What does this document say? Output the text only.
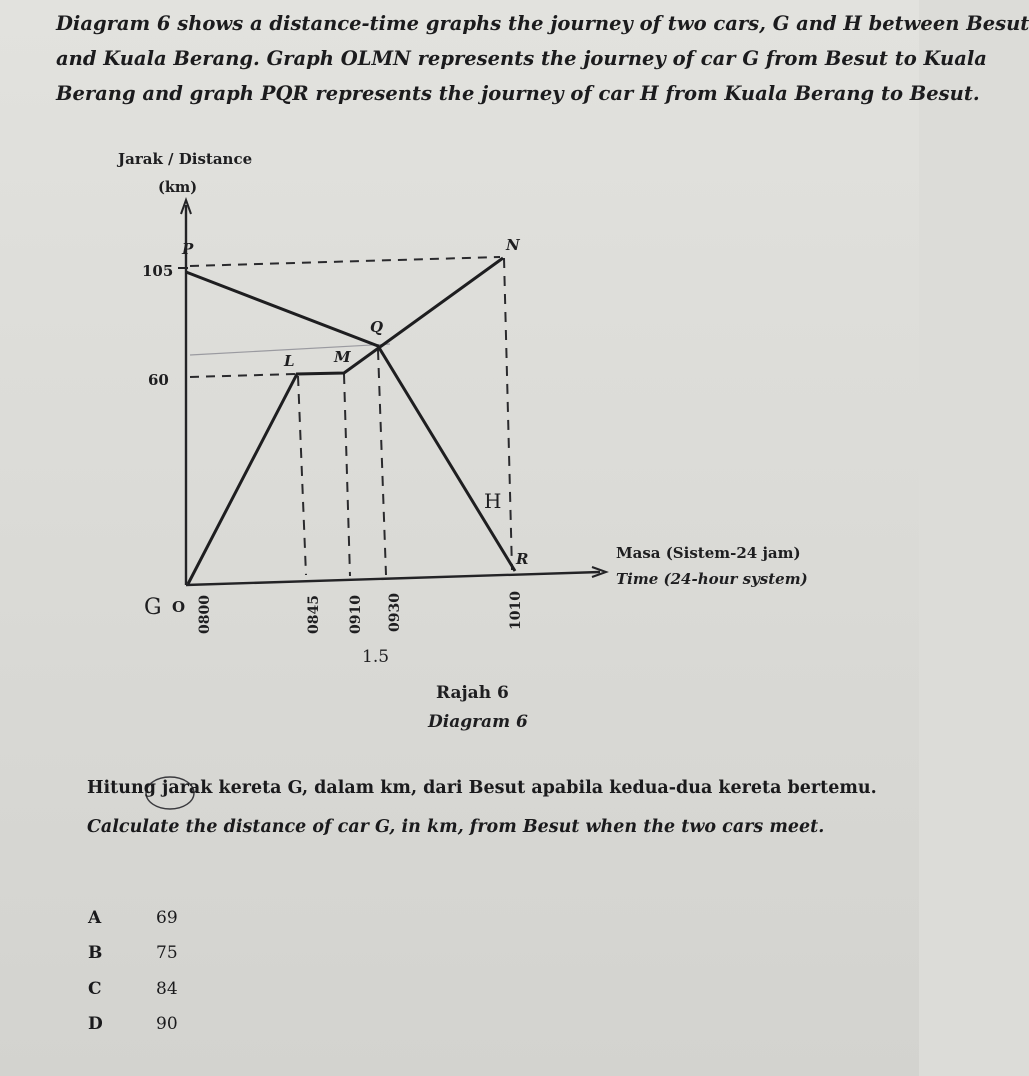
Diagram 6 shows a distance-time graphs the journey of two cars, G and H between Besut
and Kuala Berang. Graph OLMN represents the journey of car G from Besut to Kuala
Berang and graph PQR represents the journey of car H from Kuala Berang to Besut.
Jarak / Distance
(km)
Masa (Sistem-24 jam)
Time (24-hour system)
105
60
O
P	N
Q
L	M
R
0800	0845 0910 0930	1010
G
H
1.5
Rajah 6
Diagram 6
Hitung jarak kereta G, dalam km, dari Besut apabila kedua-dua kereta bertemu.
Calculate the distance of car G, in km, from Besut when the two cars meet.
A	69
B	75
C	84
D	90
